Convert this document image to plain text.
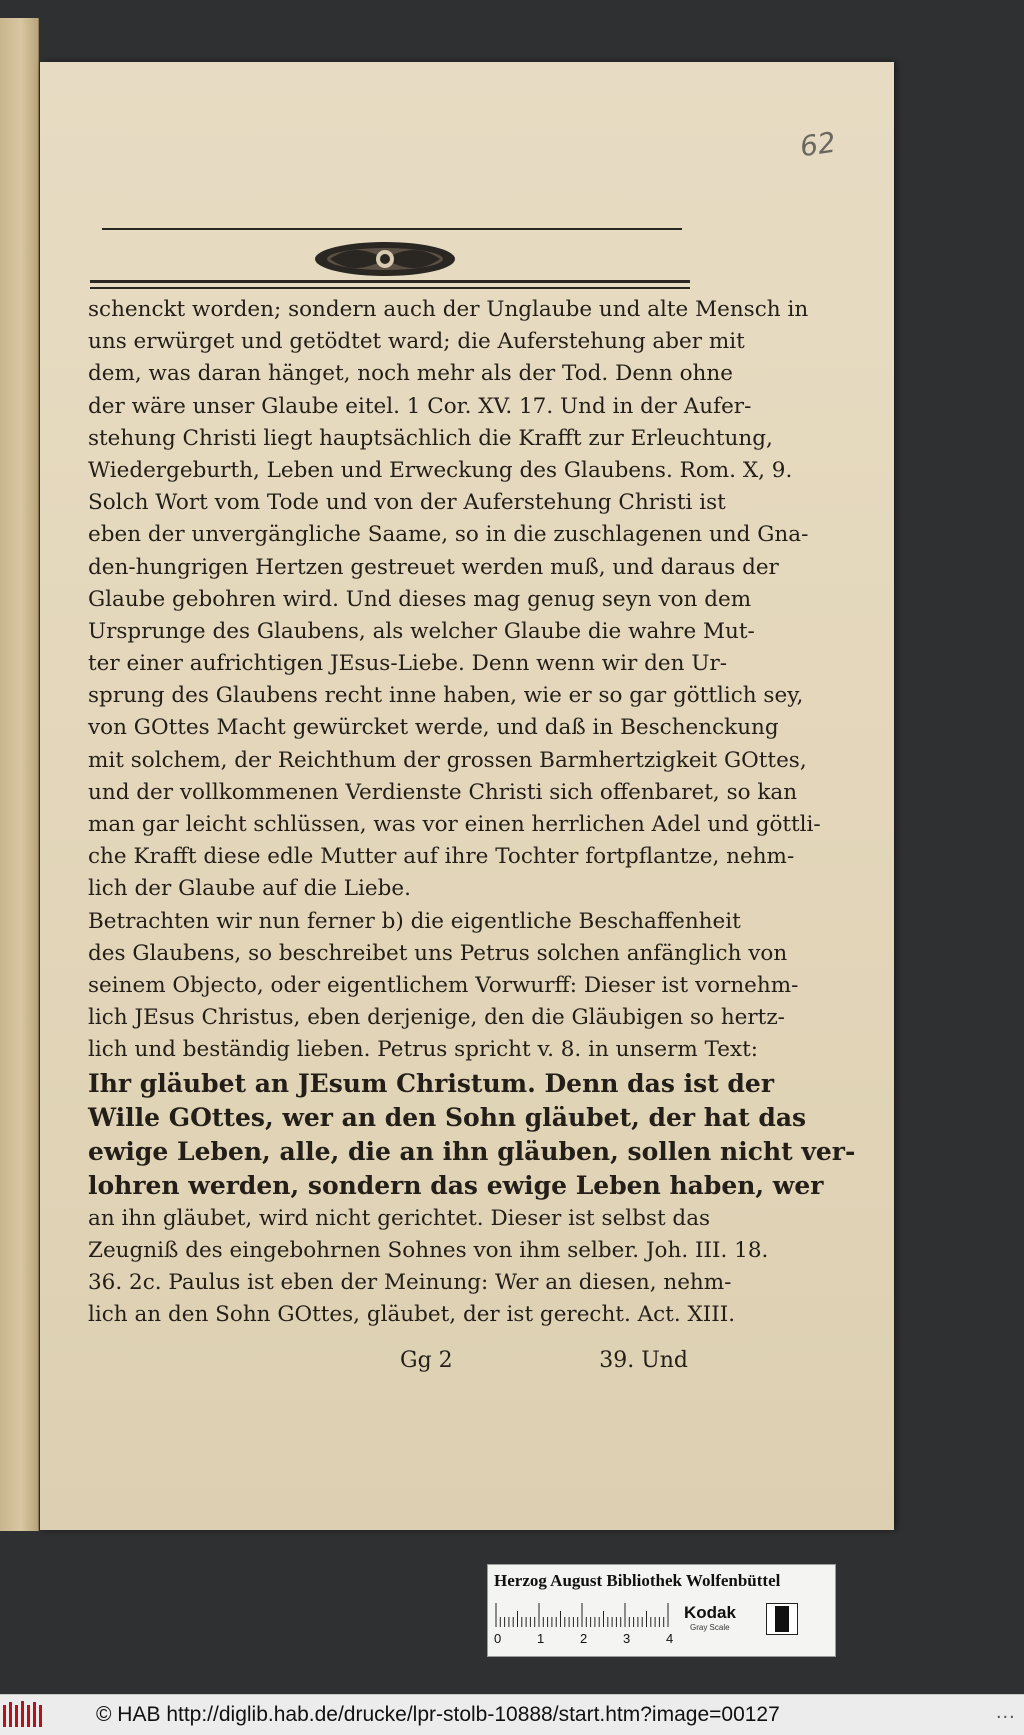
62
schenckt worden; sondern auch der Unglaube und alte Mensch in
uns erwürget und getödtet ward; die Auferstehung aber mit
dem, was daran hänget, noch mehr als der Tod. Denn ohne
der wäre unser Glaube eitel. 1 Cor. XV. 17. Und in der Aufer-
stehung Christi liegt hauptsächlich die Krafft zur Erleuchtung,
Wiedergeburth, Leben und Erweckung des Glaubens. Rom. X, 9.
Solch Wort vom Tode und von der Auferstehung Christi ist
eben der unvergängliche Saame, so in die zuschlagenen und Gna-
den-hungrigen Hertzen gestreuet werden muß, und daraus der
Glaube gebohren wird. Und dieses mag genug seyn von dem
Ursprunge des Glaubens, als welcher Glaube die wahre Mut-
ter einer aufrichtigen JEsus-Liebe. Denn wenn wir den Ur-
sprung des Glaubens recht inne haben, wie er so gar göttlich sey,
von GOttes Macht gewürcket werde, und daß in Beschenckung
mit solchem, der Reichthum der grossen Barmhertzigkeit GOttes,
und der vollkommenen Verdienste Christi sich offenbaret, so kan
man gar leicht schlüssen, was vor einen herrlichen Adel und göttli-
che Krafft diese edle Mutter auf ihre Tochter fortpflantze, nehm-
lich der Glaube auf die Liebe.
Betrachten wir nun ferner b) die eigentliche Beschaffenheit
des Glaubens, so beschreibet uns Petrus solchen anfänglich von
seinem Objecto, oder eigentlichem Vorwurff: Dieser ist vornehm-
lich JEsus Christus, eben derjenige, den die Gläubigen so hertz-
lich und beständig lieben. Petrus spricht v. 8. in unserm Text:
Ihr gläubet an JEsum Christum. Denn das ist der
Wille GOttes, wer an den Sohn gläubet, der hat das
ewige Leben, alle, die an ihn gläuben, sollen nicht ver-
lohren werden, sondern das ewige Leben haben, wer
an ihn gläubet, wird nicht gerichtet. Dieser ist selbst das
Zeugniß des eingebohrnen Sohnes von ihm selber. Joh. III. 18.
36. 2c. Paulus ist eben der Meinung: Wer an diesen, nehm-
lich an den Sohn GOttes, gläubet, der ist gerecht. Act. XIII.
Gg 2	39. Und
Herzog August Bibliothek Wolfenbüttel
0	1	2	3	4
Kodak
Gray Scale
© HAB http://diglib.hab.de/drucke/lpr-stolb-10888/start.htm?image=00127	...
